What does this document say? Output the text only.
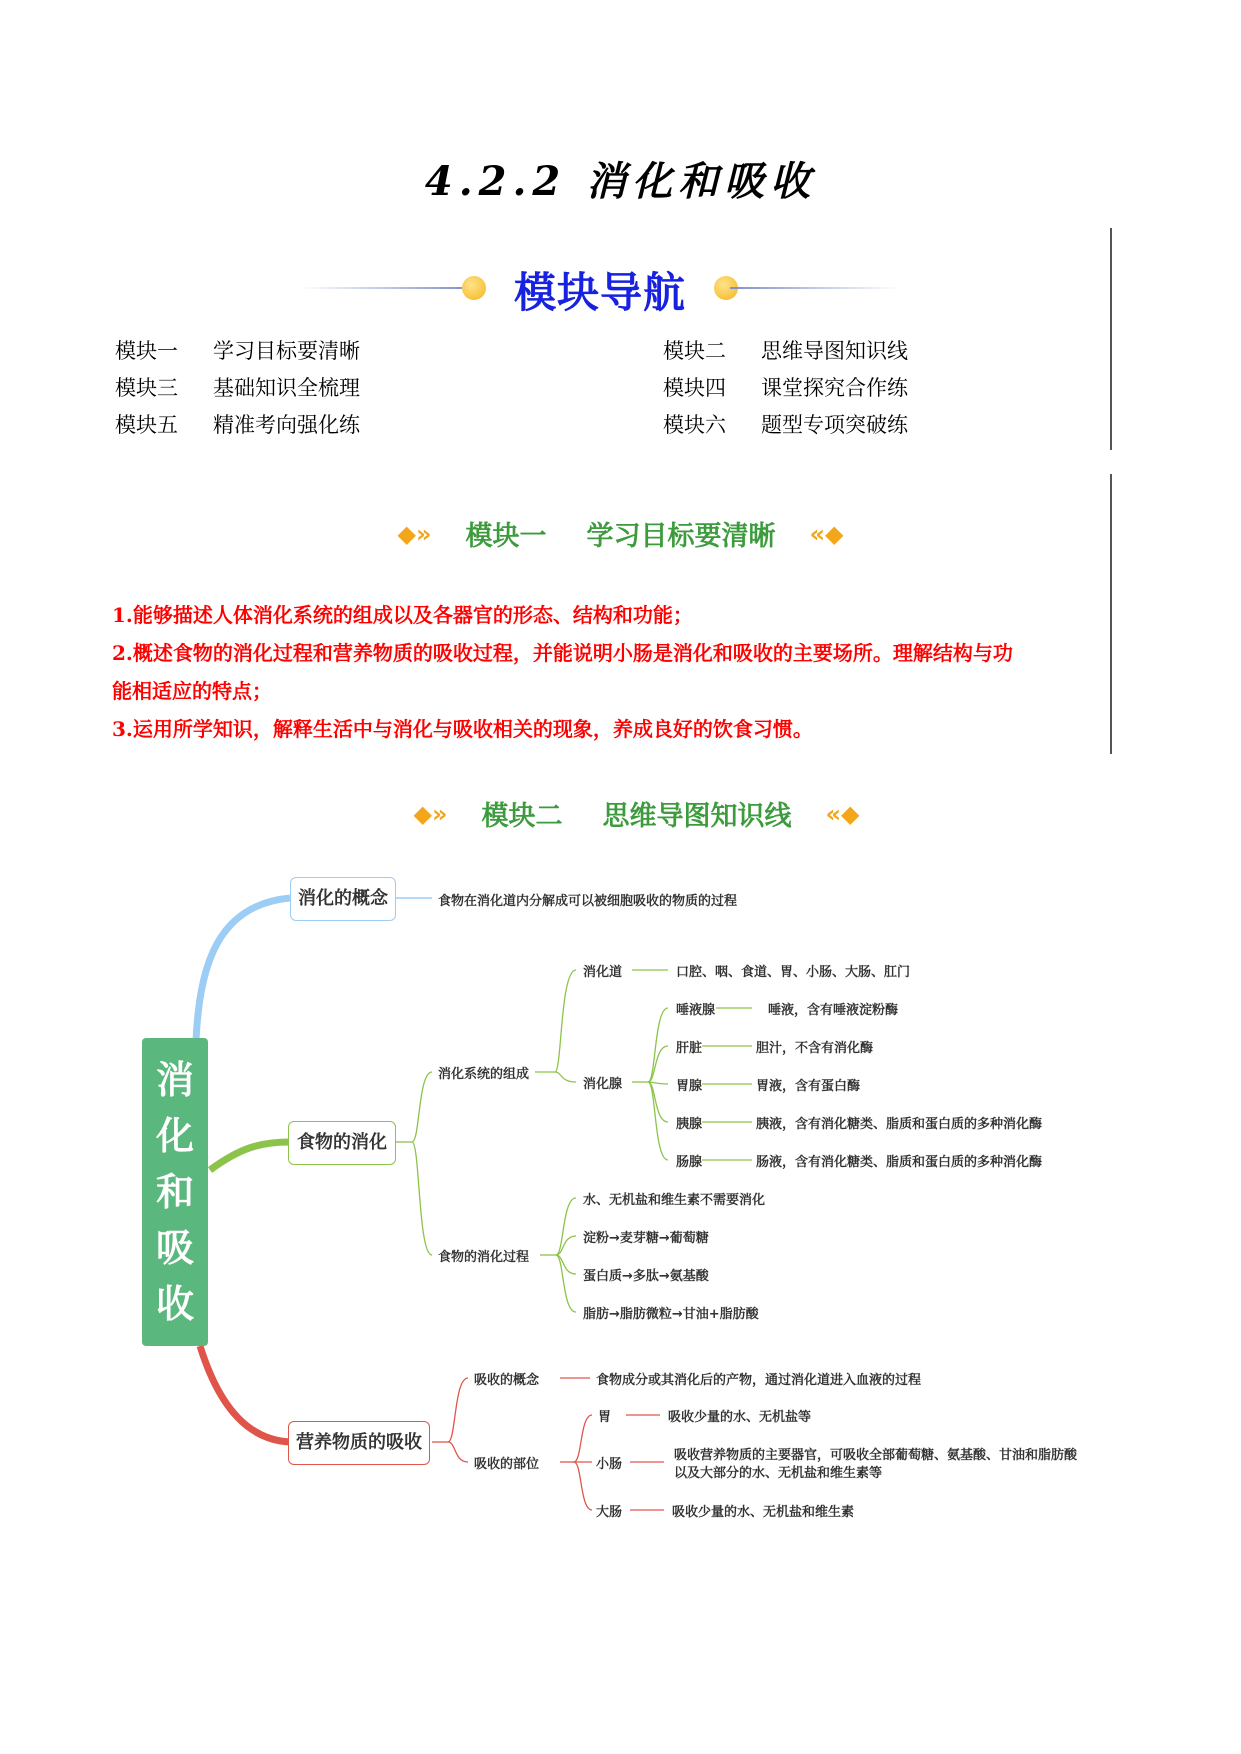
4.2.2 消化和吸收
模块导航
模块一 学习目标要清晰	模块二 思维导图知识线
模块三 基础知识全梳理	模块四 课堂探究合作练
模块五 精准考向强化练	模块六 题型专项突破练
◆» 模块一 学习目标要清晰 «◆

1.能够描述人体消化系统的组成以及各器官的形态、结构和功能；

2.概述食物的消化过程和营养物质的吸收过程，并能说明小肠是消化和吸收的主要场所。理解结构与功

能相适应的特点；

3.运用所学知识，解释生活中与消化与吸收相关的现象，养成良好的饮食习惯。

◆» 模块二 思维导图知识线 «◆
消
化
和
吸
收
消化的概念	食物在消化道内分解成可以被细胞吸收的物质的过程
食物的消化
消化系统的组成
消化道	口腔、咽、食道、胃、小肠、大肠、肛门
消化腺
唾液腺	唾液，含有唾液淀粉酶
肝脏	胆汁，不含有消化酶
胃腺	胃液，含有蛋白酶
胰腺	胰液，含有消化糖类、脂质和蛋白质的多种消化酶
肠腺	肠液，含有消化糖类、脂质和蛋白质的多种消化酶
食物的消化过程
水、无机盐和维生素不需要消化
淀粉→麦芽糖→葡萄糖
蛋白质→多肽→氨基酸
脂肪→脂肪微粒→甘油+脂肪酸
营养物质的吸收
吸收的概念	食物成分或其消化后的产物，通过消化道进入血液的过程
吸收的部位
胃	吸收少量的水、无机盐等
小肠
吸收营养物质的主要器官，可吸收全部葡萄糖、氨基酸、甘油和脂肪酸
以及大部分的水、无机盐和维生素等
大肠	吸收少量的水、无机盐和维生素
